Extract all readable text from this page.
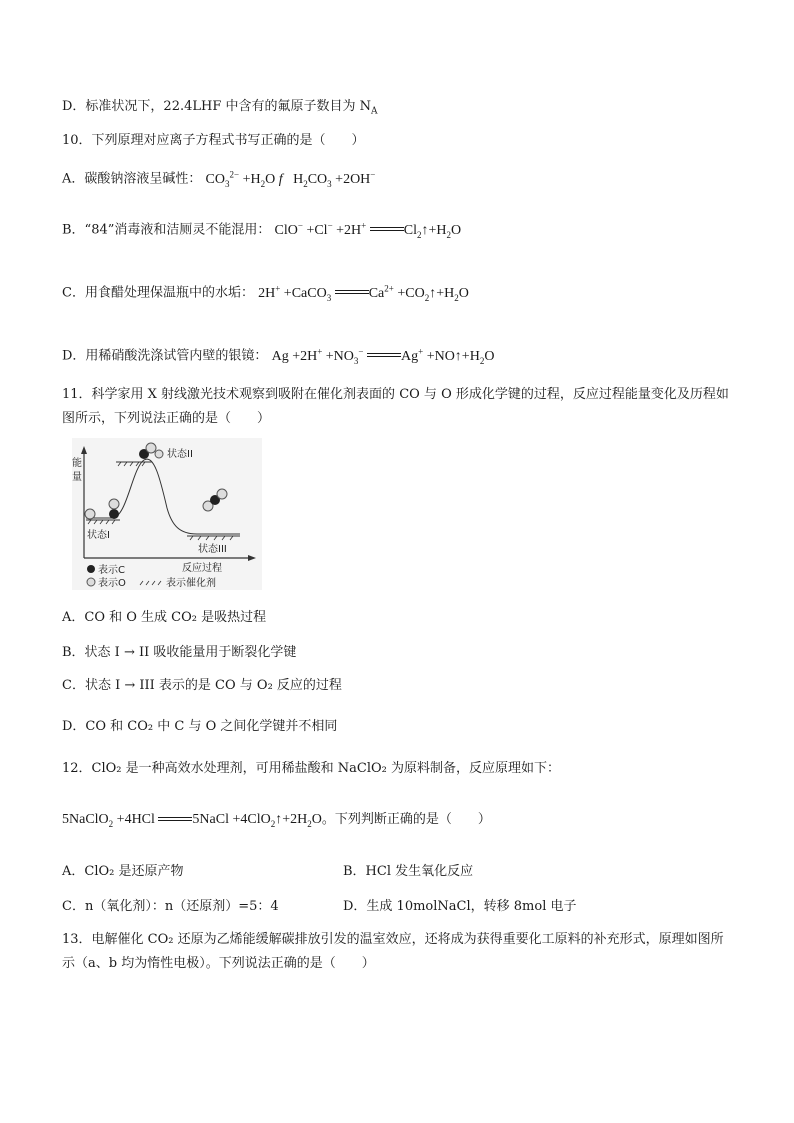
D．标准状况下，22.4LHF 中含有的氟原子数目为 $N_A$
10．下列原理对应离子方程式书写正确的是（　　）
A．碳酸钠溶液呈碱性： $CO_3^{2-} +H_2O$ f   $H_2CO_3 +2OH^-$
B．“84”消毒液和洁厕灵不能混用： ClO− +Cl− +2H+	$Cl_2↑+H_2O$
C．用食醋处理保温瓶中的水垢： 2H+ +CaCO$_3$	$Ca^{2+}$ $+CO_2↑+H_2O$
D．用稀硝酸洗涤试管内壁的银镜： $Ag +2H^+ +NO_3^-$	$Ag^+ +NO↑+H_2O$
11．科学家用 X 射线激光技术观察到吸附在催化剂表面的 CO 与 O 形成化学键的过程，反应过程能量变化及历程如图所示，下列说法正确的是（　　）
能
量
状态II
状态I
状态III
反应过程
表示C
表示O	表示催化剂
A．CO 和 O 生成 CO₂ 是吸热过程
B．状态 I → II 吸收能量用于断裂化学键
C．状态 I → III 表示的是 CO 与 O₂ 反应的过程
D．CO 和 CO₂ 中 C 与 O 之间化学键并不相同
12．ClO₂ 是一种高效水处理剂，可用稀盐酸和 NaClO₂ 为原料制备，反应原理如下：
5NaClO$_2$ +4HCl 5NaCl $+4ClO_2↑+2H_2O$。下列判断正确的是（　　）
A．ClO₂ 是还原产物	B．HCl 发生氧化反应
C．n（氧化剂）：n（还原剂）=5：4	D．生成 10molNaCl，转移 8mol 电子
13．电解催化 CO₂ 还原为乙烯能缓解碳排放引发的温室效应，还将成为获得重要化工原料的补充形式，原理如图所示（a、b 均为惰性电极）。下列说法正确的是（　　）
